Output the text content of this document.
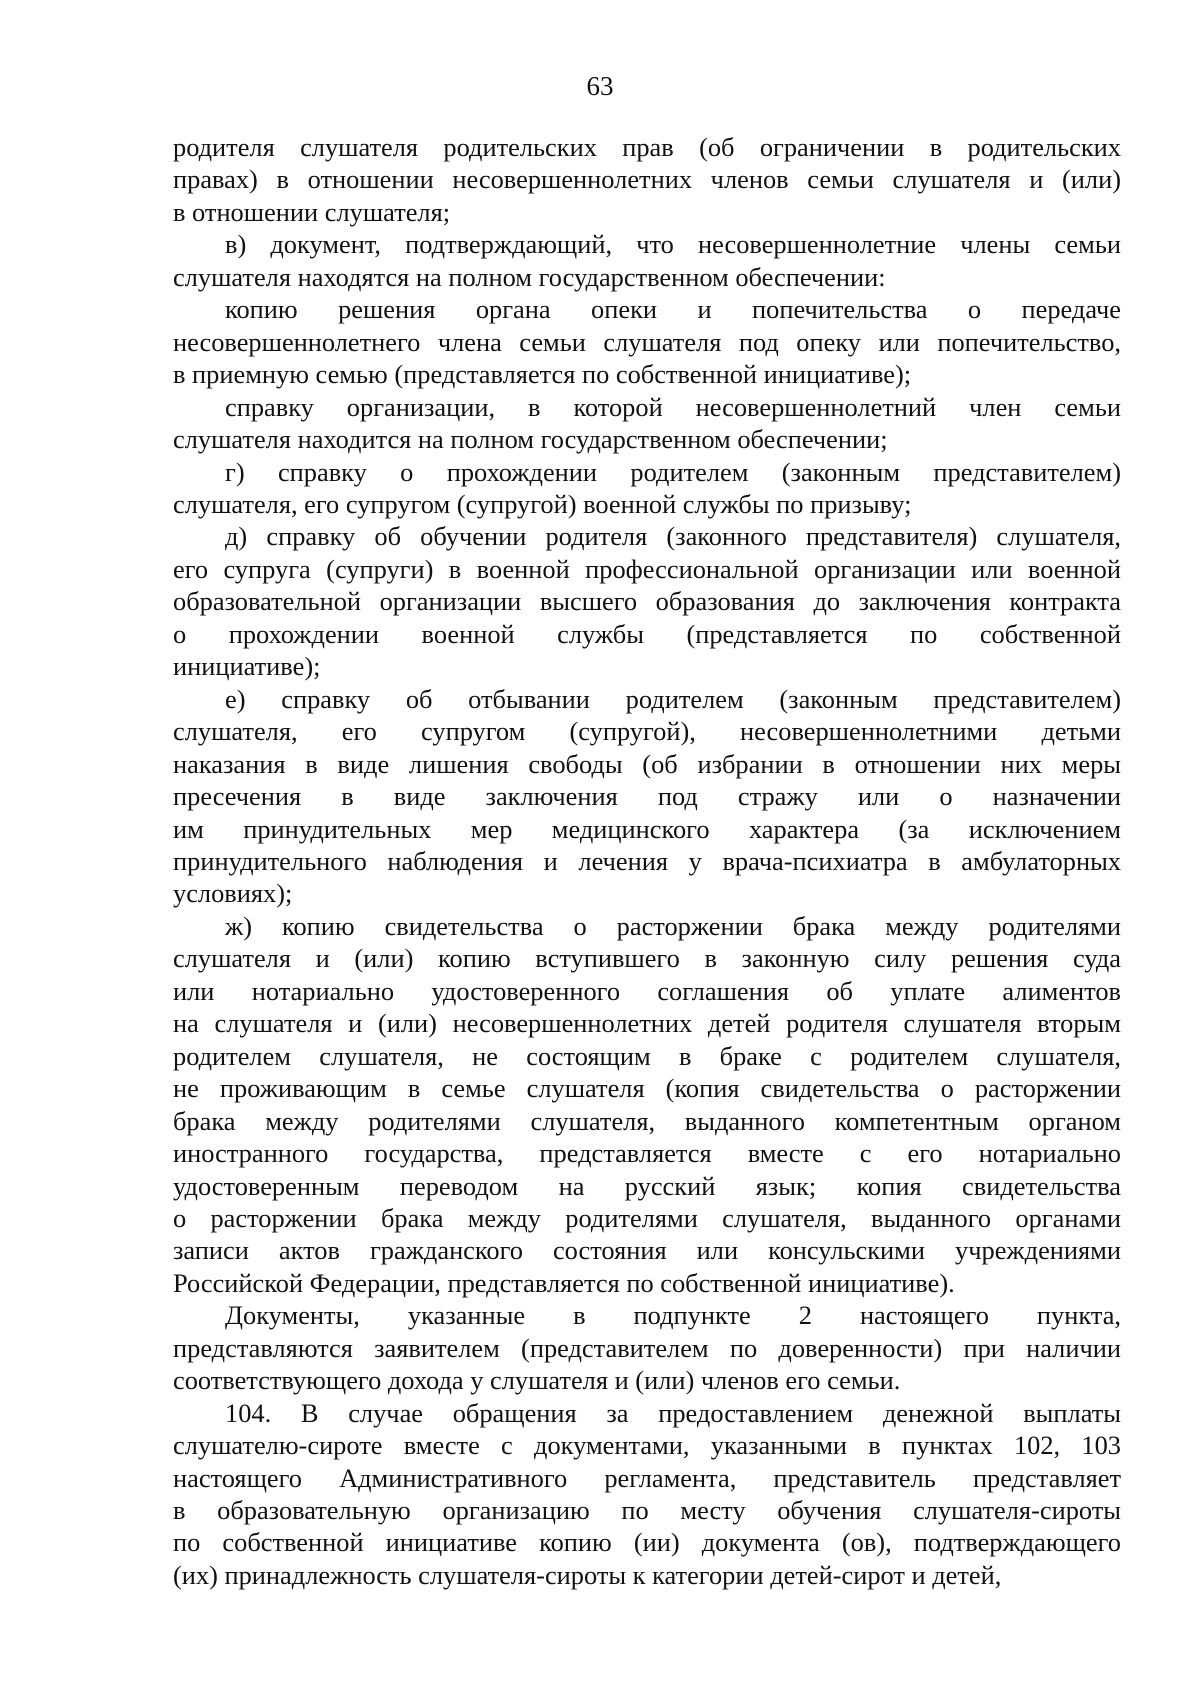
63
родителя слушателя родительских прав (об ограничении в родительских
правах) в отношении несовершеннолетних членов семьи слушателя и (или)
в отношении слушателя;
в) документ, подтверждающий, что несовершеннолетние члены семьи
слушателя находятся на полном государственном обеспечении:
копию решения органа опеки и попечительства о передаче
несовершеннолетнего члена семьи слушателя под опеку или попечительство,
в приемную семью (представляется по собственной инициативе);
справку организации, в которой несовершеннолетний член семьи
слушателя находится на полном государственном обеспечении;
г) справку о прохождении родителем (законным представителем)
слушателя, его супругом (супругой) военной службы по призыву;
д) справку об обучении родителя (законного представителя) слушателя,
его супруга (супруги) в военной профессиональной организации или военной
образовательной организации высшего образования до заключения контракта
о прохождении военной службы (представляется по собственной
инициативе);
е) справку об отбывании родителем (законным представителем)
слушателя, его супругом (супругой), несовершеннолетними детьми
наказания в виде лишения свободы (об избрании в отношении них меры
пресечения в виде заключения под стражу или о назначении
им принудительных мер медицинского характера (за исключением
принудительного наблюдения и лечения у врача-психиатра в амбулаторных
условиях);
ж) копию свидетельства о расторжении брака между родителями
слушателя и (или) копию вступившего в законную силу решения суда
или нотариально удостоверенного соглашения об уплате алиментов
на слушателя и (или) несовершеннолетних детей родителя слушателя вторым
родителем слушателя, не состоящим в браке с родителем слушателя,
не проживающим в семье слушателя (копия свидетельства о расторжении
брака между родителями слушателя, выданного компетентным органом
иностранного государства, представляется вместе с его нотариально
удостоверенным переводом на русский язык; копия свидетельства
о расторжении брака между родителями слушателя, выданного органами
записи актов гражданского состояния или консульскими учреждениями
Российской Федерации, представляется по собственной инициативе).
Документы, указанные в подпункте 2 настоящего пункта,
представляются заявителем (представителем по доверенности) при наличии
соответствующего дохода у слушателя и (или) членов его семьи.
104. В случае обращения за предоставлением денежной выплаты
слушателю-сироте вместе с документами, указанными в пунктах 102, 103
настоящего Административного регламента, представитель представляет
в образовательную организацию по месту обучения слушателя-сироты
по собственной инициативе копию (ии) документа (ов), подтверждающего
(их) принадлежность слушателя-сироты к категории детей-сирот и детей,
